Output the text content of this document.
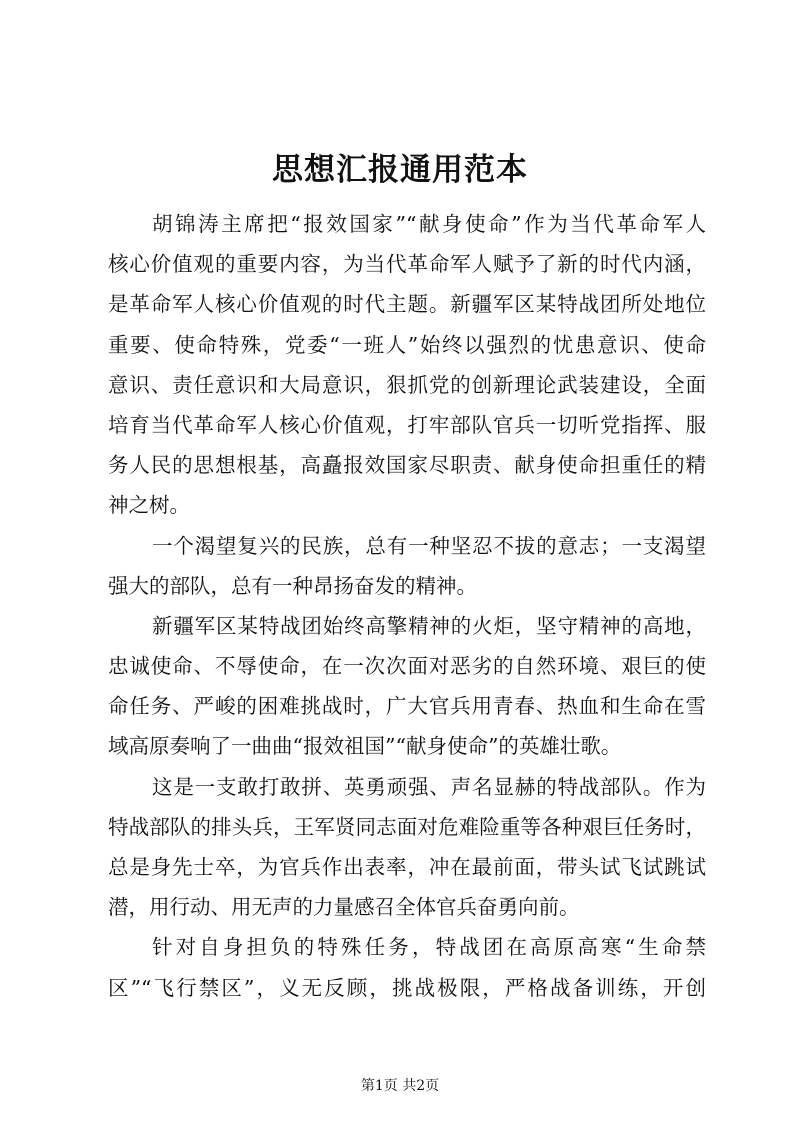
思想汇报通用范本
胡锦涛主席把“报效国家”“献身使命”作为当代革命军人
核心价值观的重要内容，为当代革命军人赋予了新的时代内涵，
是革命军人核心价值观的时代主题。新疆军区某特战团所处地位
重要、使命特殊，党委“一班人”始终以强烈的忧患意识、使命
意识、责任意识和大局意识，狠抓党的创新理论武装建设，全面
培育当代革命军人核心价值观，打牢部队官兵一切听党指挥、服
务人民的思想根基，高矗报效国家尽职责、献身使命担重任的精
神之树。
一个渴望复兴的民族，总有一种坚忍不拔的意志；一支渴望
强大的部队，总有一种昂扬奋发的精神。
新疆军区某特战团始终高擎精神的火炬，坚守精神的高地，
忠诚使命、不辱使命，在一次次面对恶劣的自然环境、艰巨的使
命任务、严峻的困难挑战时，广大官兵用青春、热血和生命在雪
域高原奏响了一曲曲“报效祖国”“献身使命”的英雄壮歌。
这是一支敢打敢拼、英勇顽强、声名显赫的特战部队。作为
特战部队的排头兵，王军贤同志面对危难险重等各种艰巨任务时，
总是身先士卒，为官兵作出表率，冲在最前面，带头试飞试跳试
潜，用行动、用无声的力量感召全体官兵奋勇向前。
针对自身担负的特殊任务，特战团在高原高寒“生命禁
区”“飞行禁区”，义无反顾，挑战极限，严格战备训练，开创
第1页 共2页
